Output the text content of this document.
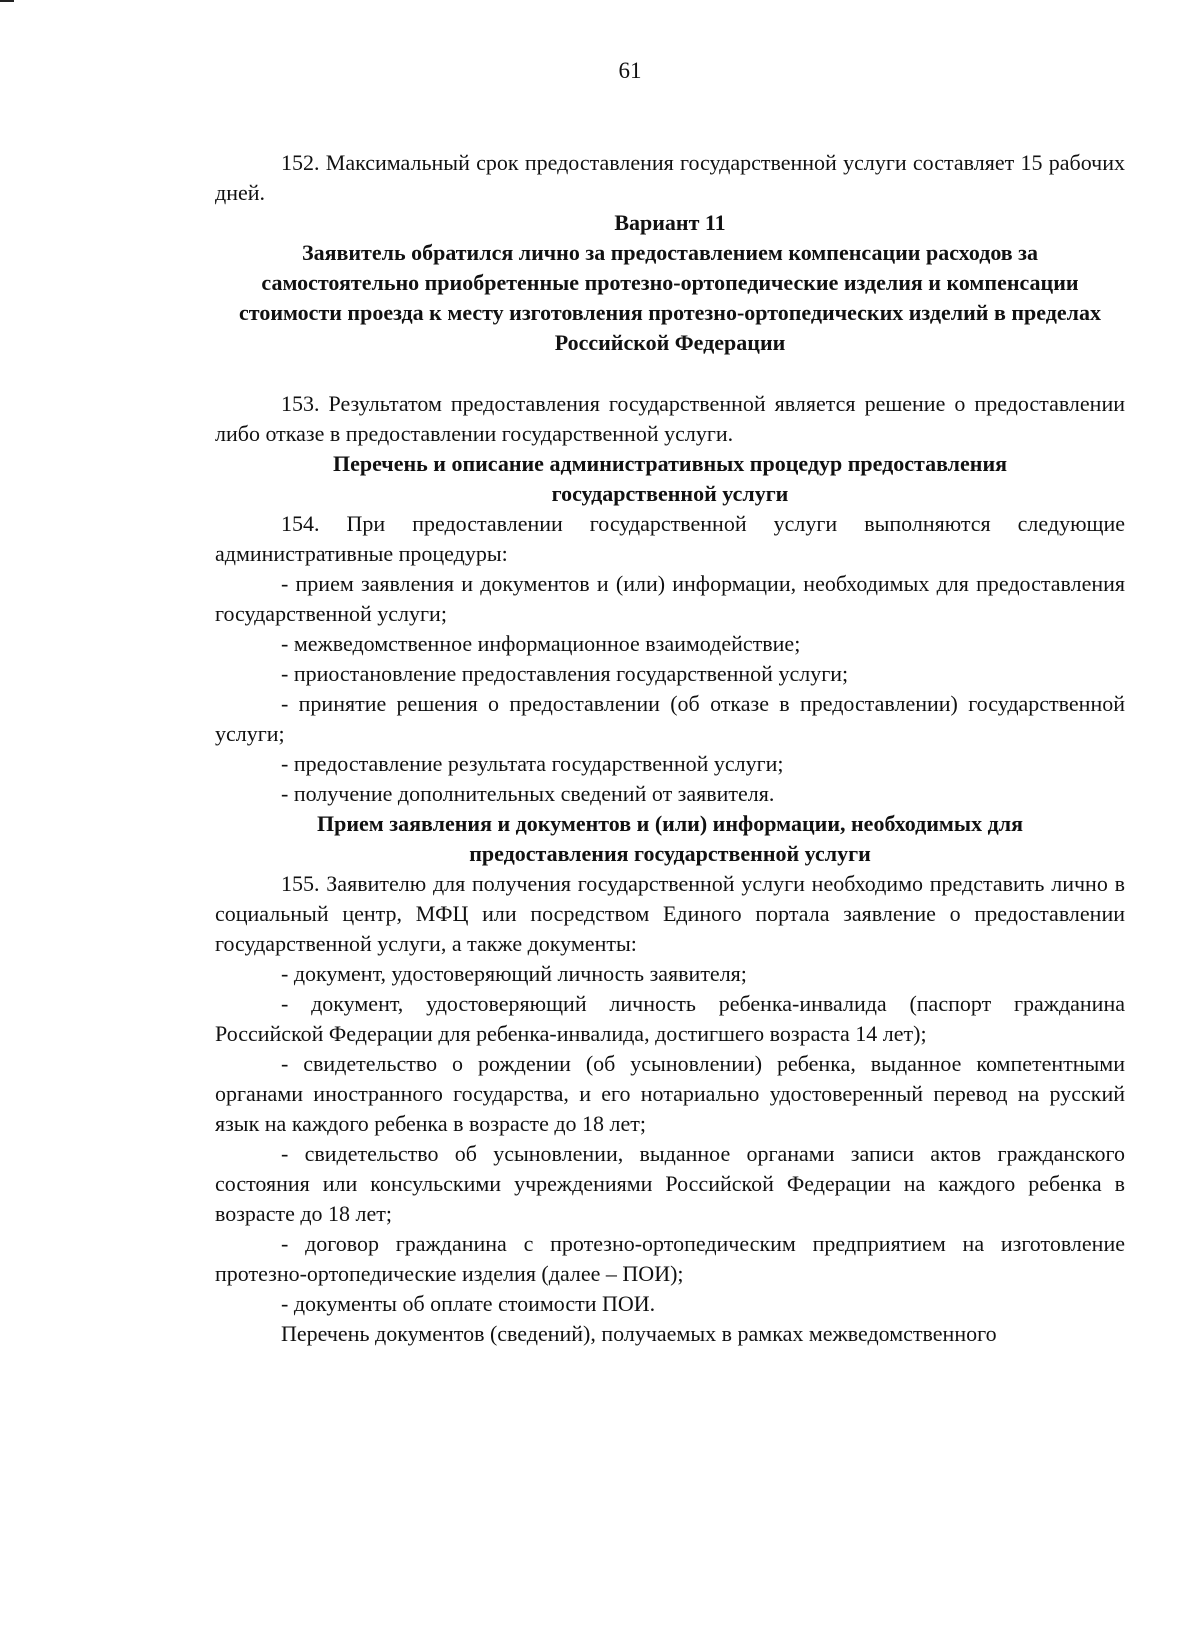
61

152. Максимальный срок предоставления государственной услуги составляет 15 рабочих дней.

Вариант 11

Заявитель обратился лично за предоставлением компенсации расходов за самостоятельно приобретенные протезно-ортопедические изделия и компенсации стоимости проезда к месту изготовления протезно-ортопедических изделий в пределах Российской Федерации

153. Результатом предоставления государственной является решение о предоставлении либо отказе в предоставлении государственной услуги.

Перечень и описание административных процедур предоставления государственной услуги

154. При предоставлении государственной услуги выполняются следующие административные процедуры:

- прием заявления и документов и (или) информации, необходимых для предоставления государственной услуги;

- межведомственное информационное взаимодействие;

- приостановление предоставления государственной услуги;

- принятие решения о предоставлении (об отказе в предоставлении) государственной услуги;

- предоставление результата государственной услуги;

- получение дополнительных сведений от заявителя.

Прием заявления и документов и (или) информации, необходимых для предоставления государственной услуги

155. Заявителю для получения государственной услуги необходимо представить лично в социальный центр, МФЦ или посредством Единого портала заявление о предоставлении государственной услуги, а также документы:

- документ, удостоверяющий личность заявителя;

- документ, удостоверяющий личность ребенка-инвалида (паспорт гражданина Российской Федерации для ребенка-инвалида, достигшего возраста 14 лет);

- свидетельство о рождении (об усыновлении) ребенка, выданное компетентными органами иностранного государства, и его нотариально удостоверенный перевод на русский язык на каждого ребенка в возрасте до 18 лет;

- свидетельство об усыновлении, выданное органами записи актов гражданского состояния или консульскими учреждениями Российской Федерации на каждого ребенка в возрасте до 18 лет;

- договор гражданина с протезно-ортопедическим предприятием на изготовление протезно-ортопедические изделия (далее – ПОИ);

- документы об оплате стоимости ПОИ.

Перечень документов (сведений), получаемых в рамках межведомственного
